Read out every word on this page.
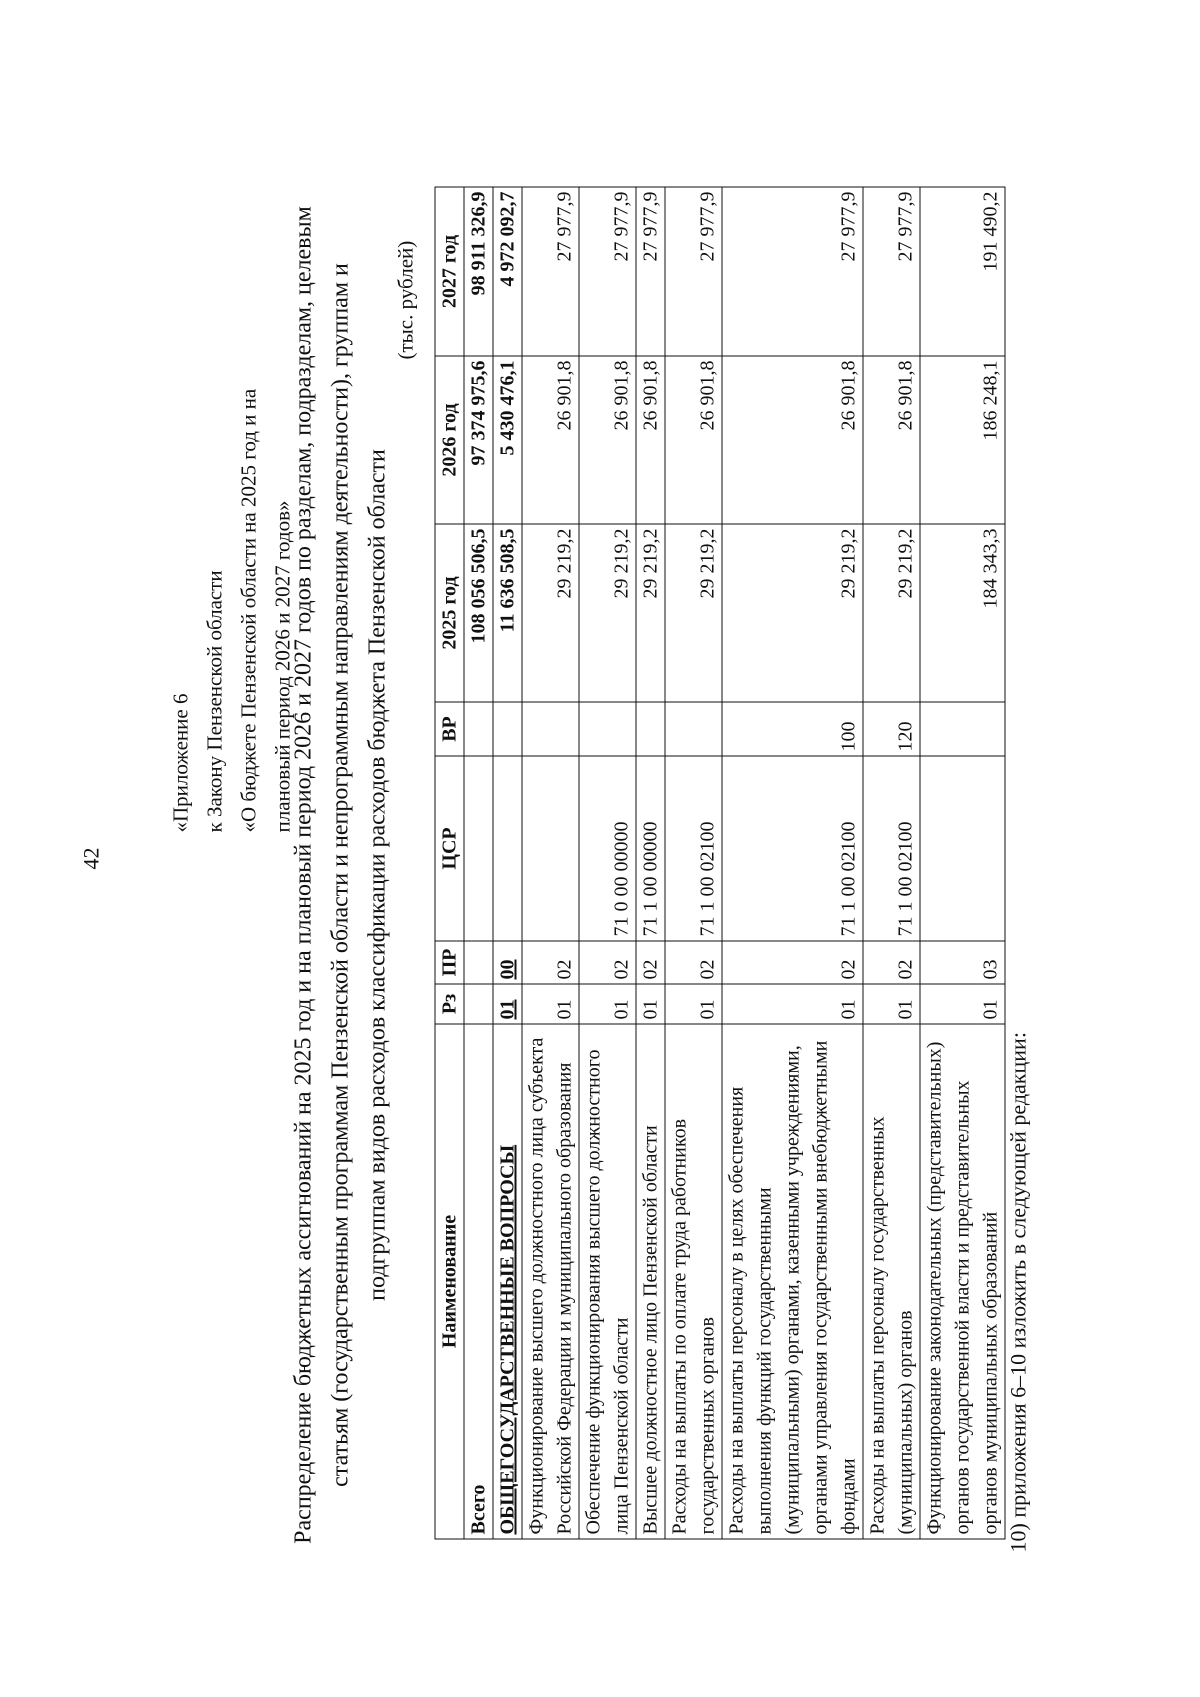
10) приложения 6–10 изложить в следующей редакции:
42
«Приложение 6 к Закону Пензенской области «О бюджете Пензенской области на 2025 год и на плановый период 2026 и 2027 годов»
Распределение бюджетных ассигнований на 2025 год и на плановый период 2026 и 2027 годов по разделам, подразделам, целевым статьям (государственным программам Пензенской области и непрограммным направлениям деятельности), группам и подгруппам видов расходов классификации расходов бюджета Пензенской области
(тыс. рублей)
Наименование	Рз	ПР	ЦСР	ВР	2025 год	2026 год	2027 год
Всего					108 056 506,5	97 374 975,6	98 911 326,9
ОБЩЕГОСУДАРСТВЕННЫЕ ВОПРОСЫ	01	00			11 636 508,5	5 430 476,1	4 972 092,7
Функционирование высшего должностного лица субъекта Российской Федерации и муниципального образования	01	02			29 219,2	26 901,8	27 977,9
Обеспечение функционирования высшего должностного лица Пензенской области	01	02	71 0 00 00000		29 219,2	26 901,8	27 977,9
Высшее должностное лицо Пензенской области	01	02	71 1 00 00000		29 219,2	26 901,8	27 977,9
Расходы на выплаты по оплате труда работников государственных органов	01	02	71 1 00 02100		29 219,2	26 901,8	27 977,9
Расходы на выплаты персоналу в целях обеспечения выполнения функций государственными (муниципальными) органами, казенными учреждениями, органами управления государственными внебюджетными фондами	01	02	71 1 00 02100	100	29 219,2	26 901,8	27 977,9
Расходы на выплаты персоналу государственных (муниципальных) органов	01	02	71 1 00 02100	120	29 219,2	26 901,8	27 977,9
Функционирование законодательных (представительных) органов государственной власти и представительных органов муниципальных образований	01	03			184 343,3	186 248,1	191 490,2
